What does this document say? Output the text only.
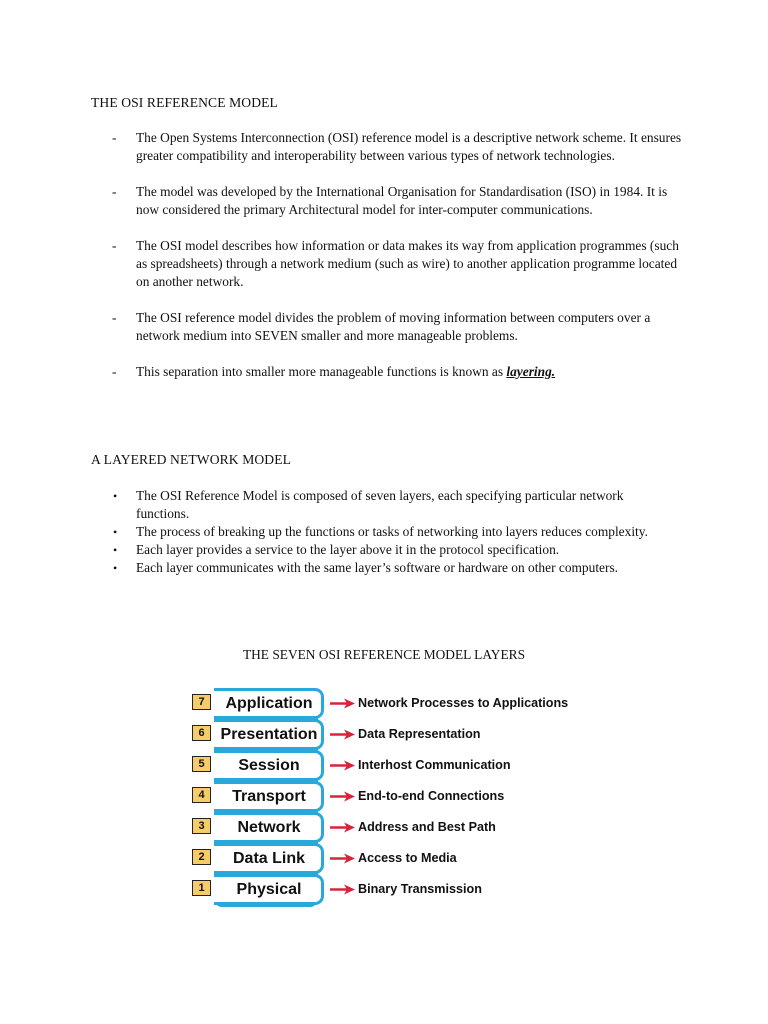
THE OSI REFERENCE MODEL
- The Open Systems Interconnection (OSI) reference model is a descriptive network scheme. It ensures greater compatibility and interoperability between various types of network technologies.
- The model was developed by the International Organisation for Standardisation (ISO) in 1984. It is now considered the primary Architectural model for inter-computer communications.
- The OSI model describes how information or data makes its way from application programmes (such as spreadsheets) through a network medium (such as wire) to another application programme located on another network.
- The OSI reference model divides the problem of moving information between computers over a network medium into SEVEN smaller and more manageable problems.
- This separation into smaller more manageable functions is known as layering.
A LAYERED NETWORK MODEL
• The OSI Reference Model is composed of seven layers, each specifying particular network functions.
• The process of breaking up the functions or tasks of networking into layers reduces complexity.
• Each layer provides a service to the layer above it in the protocol specification.
• Each layer communicates with the same layer’s software or hardware on other computers.
THE SEVEN OSI REFERENCE MODEL LAYERS
7	Application	Network Processes to Applications
6 Presentation	Data Representation
5	Session	Interhost Communication
4	Transport	End-to-end Connections
3	Network	Address and Best Path
2	Data Link	Access to Media
1	Physical	Binary Transmission
